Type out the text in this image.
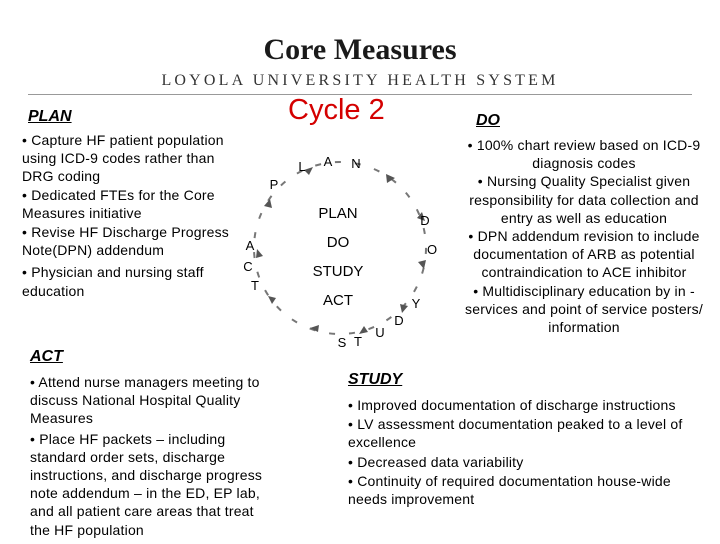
Core Measures
LOYOLA UNIVERSITY HEALTH SYSTEM
Cycle 2
PLAN
• Capture HF patient population using ICD-9 codes rather than DRG coding
• Dedicated FTEs for the Core Measures initiative
• Revise HF Discharge Progress Note(DPN) addendum
• Physician and nursing staff education
DO
• 100% chart review based on ICD-9 diagnosis codes
• Nursing Quality Specialist given responsibility for data collection and entry as well as education
• DPN addendum revision to include documentation of ARB as potential contraindication to ACE inhibitor
• Multidisciplinary education by in -services and point of service posters/ information
ACT
• Attend nurse managers meeting to discuss National Hospital Quality Measures
• Place HF packets – including standard order sets, discharge instructions, and discharge progress note addendum – in the ED, EP lab, and all patient care areas that treat the HF population
STUDY
• Improved documentation of discharge instructions
• LV assessment documentation peaked to a level of excellence
• Decreased data variability
• Continuity of required documentation house-wide needs improvement
PLAN
DO
STUDY
ACT
P
L A N
D
O
S T
U
D
Y
A
C
T
